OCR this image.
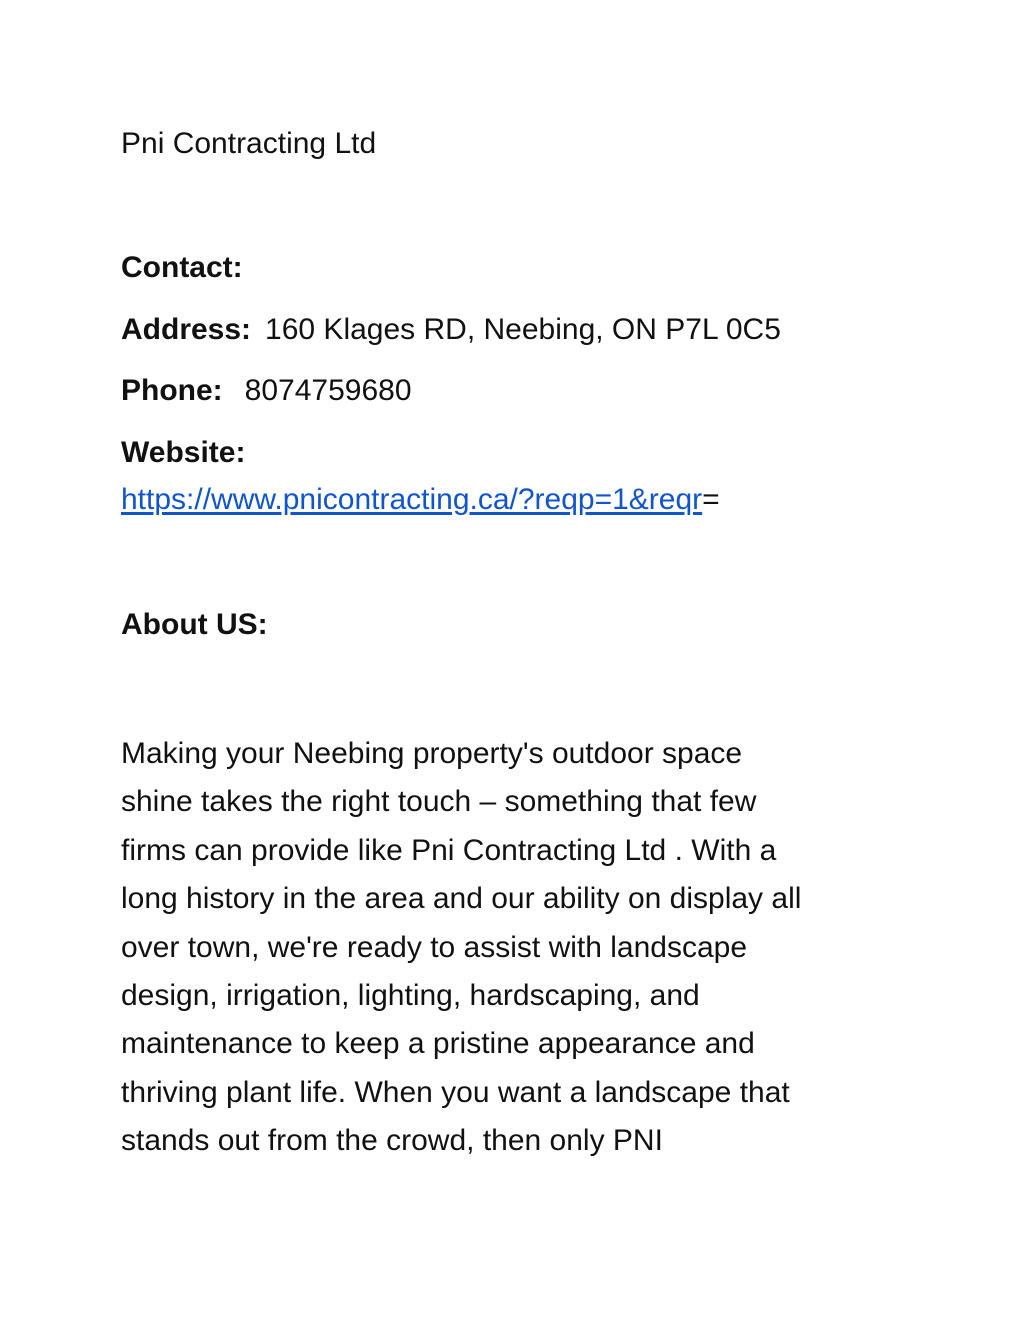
Pni Contracting Ltd

Contact:

Address: 160 Klages RD, Neebing, ON P7L 0C5

Phone: 8074759680

Website:

https://www.pnicontracting.ca/?reqp=1&reqr=

About US:

Making your Neebing property's outdoor space
shine takes the right touch – something that few
firms can provide like Pni Contracting Ltd . With a
long history in the area and our ability on display all
over town, we're ready to assist with landscape
design, irrigation, lighting, hardscaping, and
maintenance to keep a pristine appearance and
thriving plant life. When you want a landscape that
stands out from the crowd, then only PNI
